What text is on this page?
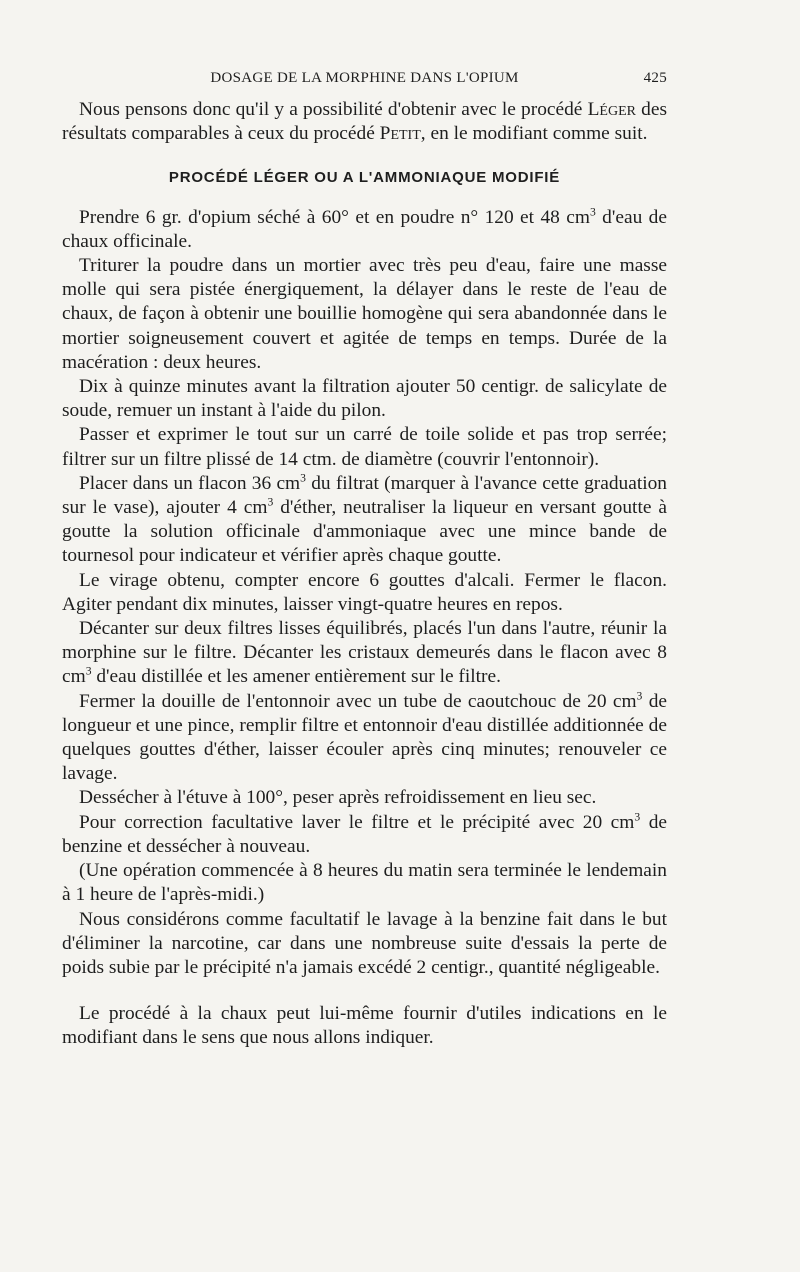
DOSAGE DE LA MORPHINE DANS L'OPIUM	425

Nous pensons donc qu'il y a possibilité d'obtenir avec le procédé Léger des résultats comparables à ceux du procédé Petit, en le modifiant comme suit.

PROCÉDÉ LÉGER OU A L'AMMONIAQUE MODIFIÉ

Prendre 6 gr. d'opium séché à 60° et en poudre n° 120 et 48 $cm^3$ d'eau de chaux officinale.

Triturer la poudre dans un mortier avec très peu d'eau, faire une masse molle qui sera pistée énergiquement, la délayer dans le reste de l'eau de chaux, de façon à obtenir une bouillie homogène qui sera abandonnée dans le mortier soigneusement couvert et agitée de temps en temps. Durée de la macération : deux heures.

Dix à quinze minutes avant la filtration ajouter 50 centigr. de salicylate de soude, remuer un instant à l'aide du pilon.

Passer et exprimer le tout sur un carré de toile solide et pas trop serrée; filtrer sur un filtre plissé de 14 ctm. de diamètre (couvrir l'entonnoir).

Placer dans un flacon 36 $cm^3$ du filtrat (marquer à l'avance cette graduation sur le vase), ajouter 4 $cm^3$ d'éther, neutraliser la liqueur en versant goutte à goutte la solution officinale d'ammoniaque avec une mince bande de tournesol pour indicateur et vérifier après chaque goutte.

Le virage obtenu, compter encore 6 gouttes d'alcali. Fermer le flacon. Agiter pendant dix minutes, laisser vingt-quatre heures en repos.

Décanter sur deux filtres lisses équilibrés, placés l'un dans l'autre, réunir la morphine sur le filtre. Décanter les cristaux demeurés dans le flacon avec 8 $cm^3$ d'eau distillée et les amener entièrement sur le filtre.

Fermer la douille de l'entonnoir avec un tube de caoutchouc de 20 $cm^3$ de longueur et une pince, remplir filtre et entonnoir d'eau distillée additionnée de quelques gouttes d'éther, laisser écouler après cinq minutes; renouveler ce lavage.

Dessécher à l'étuve à 100°, peser après refroidissement en lieu sec.

Pour correction facultative laver le filtre et le précipité avec 20 $cm^3$ de benzine et dessécher à nouveau.

(Une opération commencée à 8 heures du matin sera terminée le lendemain à 1 heure de l'après-midi.)

Nous considérons comme facultatif le lavage à la benzine fait dans le but d'éliminer la narcotine, car dans une nombreuse suite d'essais la perte de poids subie par le précipité n'a jamais excédé 2 centigr., quantité négligeable.

Le procédé à la chaux peut lui-même fournir d'utiles indications en le modifiant dans le sens que nous allons indiquer.
